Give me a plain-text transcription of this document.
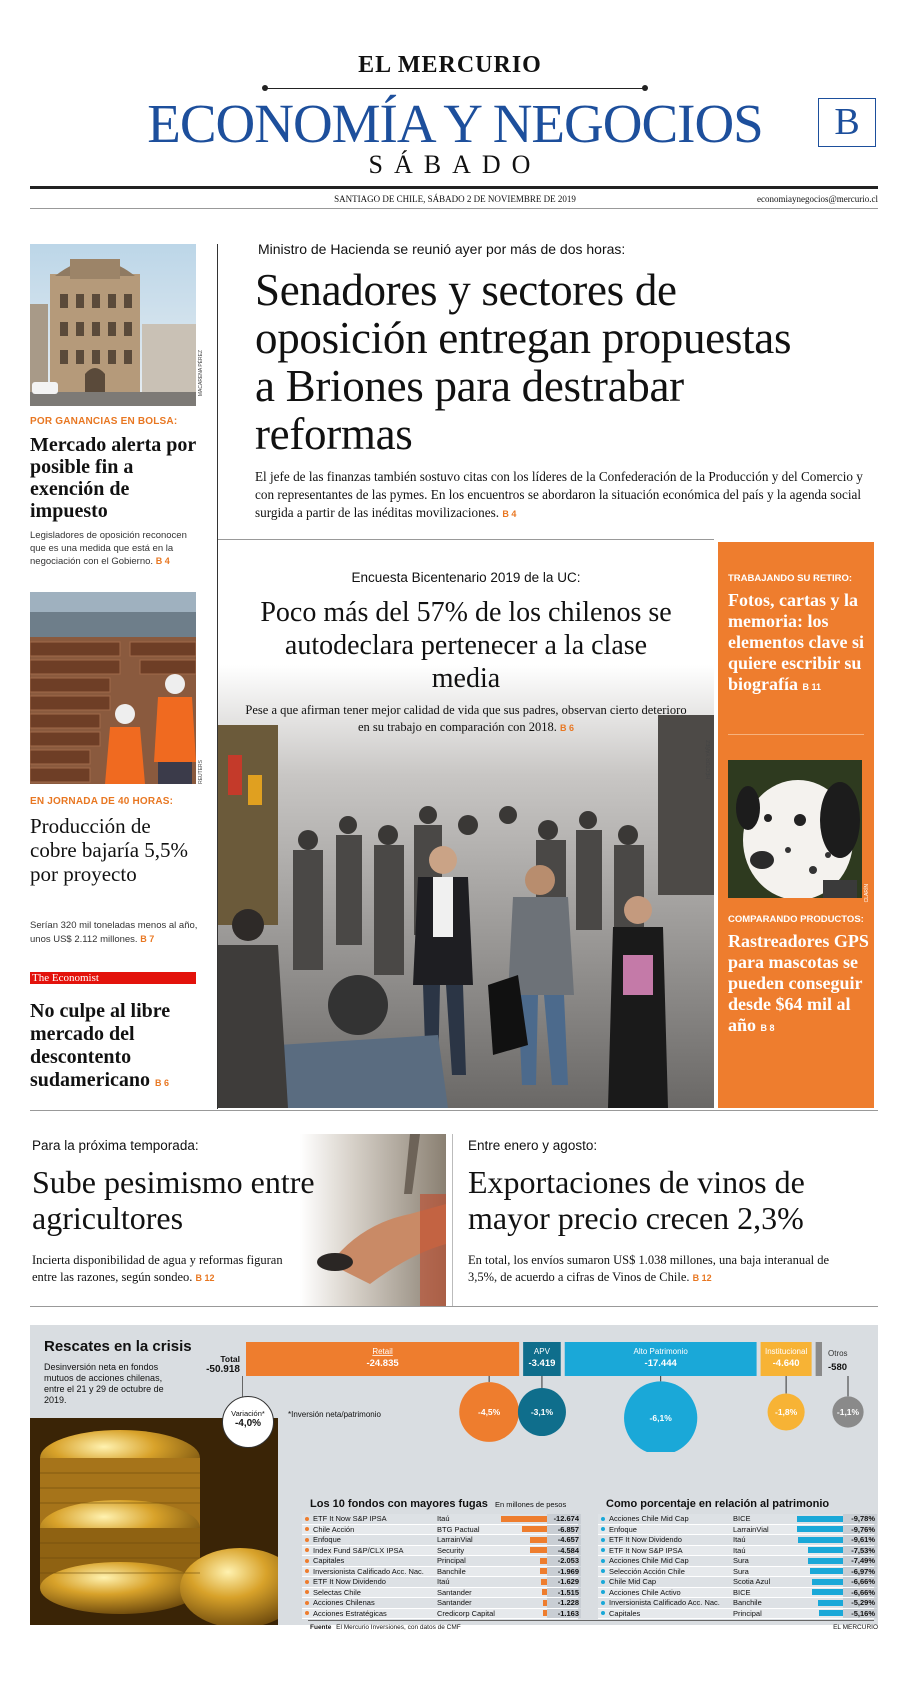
EL MERCURIO
ECONOMÍA Y NEGOCIOS
SÁBADO
B
SANTIAGO DE CHILE, SÁBADO 2 DE NOVIEMBRE DE 2019	economiaynegocios@mercurio.cl
MACARENA PÉREZ
POR GANANCIAS EN BOLSA:
Mercado alerta por posible fin a exención de impuesto
Legisladores de oposición reconocen que es una medida que está en la negociación con el Gobierno. B 4
REUTERS
EN JORNADA DE 40 HORAS:
Producción de cobre bajaría 5,5% por proyecto
Serían 320 mil toneladas menos al año, unos US$ 2.112 millones. B 7
The Economist
No culpe al libre mercado del descontento sudamericano B 6
Ministro de Hacienda se reunió ayer por más de dos horas:
Senadores y sectores de oposición entregan propuestas a Briones para destrabar reformas
El jefe de las finanzas también sostuvo citas con los líderes de la Confederación de la Producción y del Comercio y con representantes de las pymes. En los encuentros se abordaron la situación económica del país y la agenda social surgida a partir de las inéditas movilizaciones. B 4
Encuesta Bicentenario 2019 de la UC:
Poco más del 57% de los chilenos se autodeclara pertenecer a la clase media
Pese a que afirman tener mejor calidad de vida que sus padres, observan cierto deterioro en su trabajo en comparación con 2018. B 6
HÉCTOR YÁÑEZ
TRABAJANDO SU RETIRO:
Fotos, cartas y la memoria: los elementos clave si quiere escribir su biografía B 11
CLARÍN
COMPARANDO PRODUCTOS:
Rastreadores GPS para mascotas se pueden conseguir desde $64 mil al año B 8
Para la próxima temporada:
Sube pesimismo entre agricultores
Incierta disponibilidad de agua y reformas figuran entre las razones, según sondeo. B 12
Entre enero y agosto:
Exportaciones de vinos de mayor precio crecen 2,3%
En total, los envíos sumaron US$ 1.038 millones, una baja interanual de 3,5%, de acuerdo a cifras de Vinos de Chile. B 12
Rescates en la crisis
Desinversión neta en fondos mutuos de acciones chilenas, entre el 21 y 29 de octubre de 2019.
Total
-50.918
Variación*
-4,0%
*Inversión neta/patrimonio
Retail
-24.835
-4,5%
APV
-3.419
-3,1%
Alto Patrimonio
-17.444
-6,1%
Institucional
-4.640
-1,8%
Otros
-580
-1,1%
Los 10 fondos con mayores fugas En millones de pesos	Como porcentaje en relación al patrimonio
ETF It Now S&P IPSA	Itaú	-12.674
Chile Acción	BTG Pactual	-6.857
Enfoque	LarrainVial	-4.657
Index Fund S&P/CLX IPSA	Security	-4.584
Capitales	Principal	-2.053
Inversionista Calificado Acc. Nac.	Banchile	-1.969
ETF It Now Dividendo	Itaú	-1.629
Selectas Chile	Santander	-1.515
Acciones Chilenas	Santander	-1.228
Acciones Estratégicas	Credicorp Capital	-1.163
Acciones Chile Mid Cap	BICE	-9,78%
Enfoque	LarrainVial	-9,76%
ETF It Now Dividendo	Itaú	-9,61%
ETF It Now S&P IPSA	Itaú	-7,53%
Acciones Chile Mid Cap	Sura	-7,49%
Selección Acción Chile	Sura	-6,97%
Chile Mid Cap	Scotia Azul	-6,66%
Acciones Chile Activo	BICE	-6,66%
Inversionista Calificado Acc. Nac.	Banchile	-5,29%
Capitales	Principal	-5,16%
Fuente El Mercurio Inversiones, con datos de CMF	EL MERCURIO
